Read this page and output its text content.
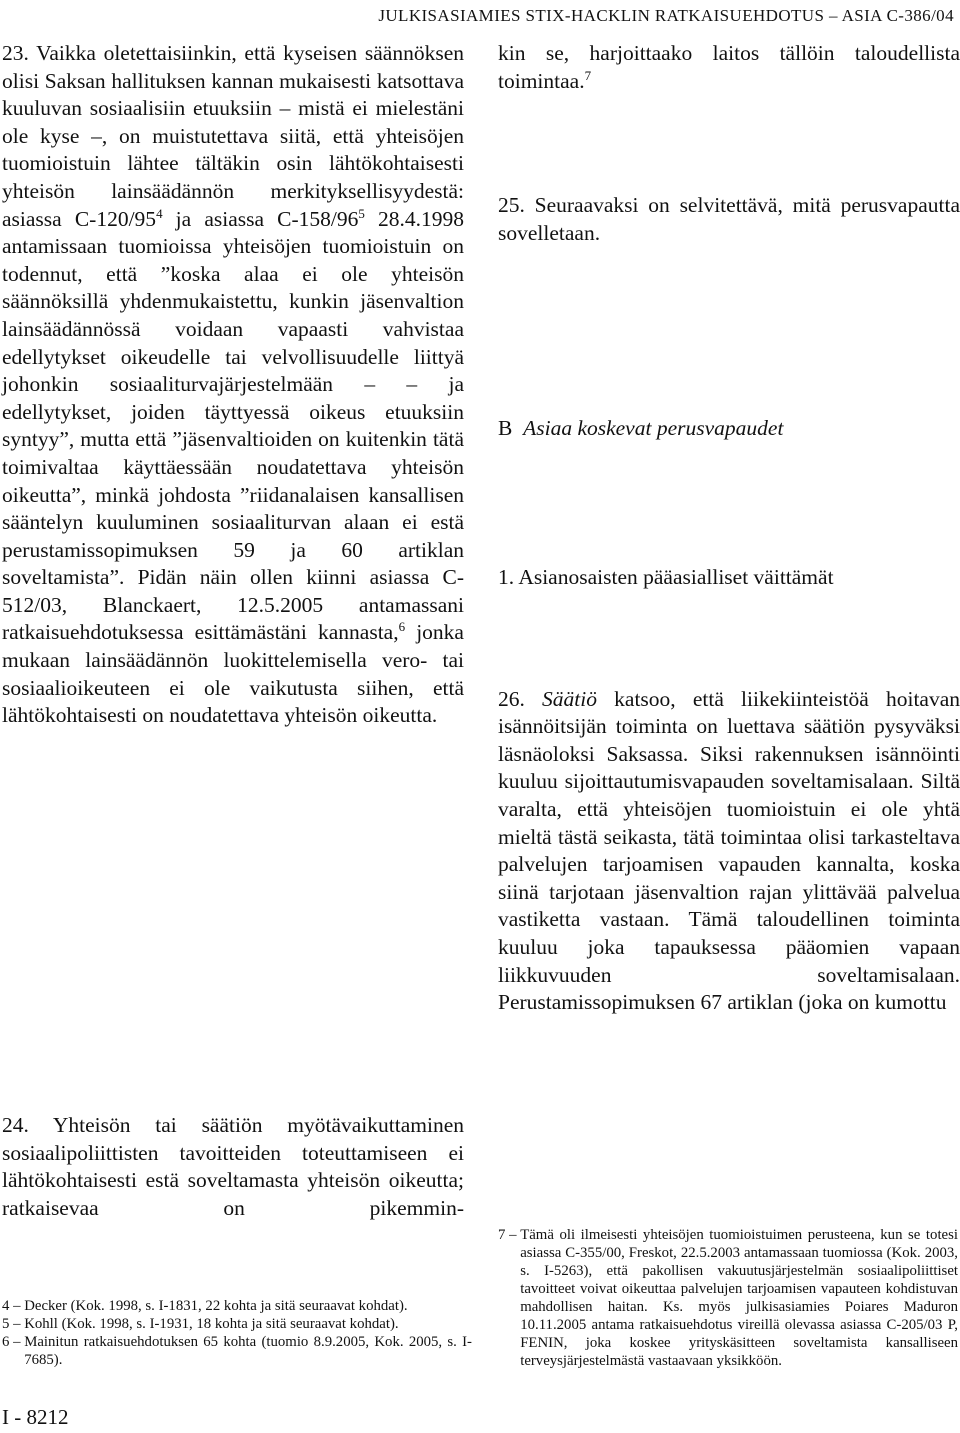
JULKISASIAMIES STIX-HACKLIN RATKAISUEHDOTUS – ASIA C-386/04

23. Vaikka oletettaisiinkin, että kyseisen säännöksen olisi Saksan hallituksen kannan mukaisesti katsottava kuuluvan sosiaalisiin etuuksiin – mistä ei mielestäni ole kyse –, on muistutettava siitä, että yhteisöjen tuomioistuin lähtee tältäkin osin lähtökohtaisesti yhteisön lainsäädännön merkityksellisyydestä: asiassa $C-120/95^4$ ja asiassa $C-158/96^5$ 28.4.1998 antamissaan tuomioissa yhteisöjen tuomioistuin on todennut, että ”koska alaa ei ole yhteisön säännöksillä yhdenmukaistettu, kunkin jäsenvaltion lainsäädännössä voidaan vapaasti vahvistaa edellytykset oikeudelle tai velvollisuudelle liittyä johonkin sosiaaliturvajärjestelmään – – ja edellytykset, joiden täyttyessä oikeus etuuksiin syntyy”, mutta että ”jäsenvaltioiden on kuitenkin tätä toimivaltaa käyttäessään noudatettava yhteisön oikeutta”, minkä johdosta ”riidanalaisen kansallisen sääntelyn kuuluminen sosiaaliturvan alaan ei estä perustamissopimuksen 59 ja 60 artiklan soveltamista”. Pidän näin ollen kiinni asiassa C-512/03, Blanckaert, 12.5.2005 antamassani ratkaisuehdotuksessa esittämästäni kannasta,$^6$ jonka mukaan lainsäädännön luokittelemisella vero- tai sosiaalioikeuteen ei ole vaikutusta siihen, että lähtökohtaisesti on noudatettava yhteisön oikeutta.

24. Yhteisön tai säätiön myötävaikuttaminen sosiaalipoliittisten tavoitteiden toteuttamiseen ei lähtökohtaisesti estä soveltamasta yhteisön oikeutta; ratkaisevaa on pikemmin-

kin se, harjoittaako laitos tällöin taloudellista toimintaa.$^7$

25. Seuraavaksi on selvitettävä, mitä perusvapautta sovelletaan.

B Asiaa koskevat perusvapaudet
1. Asianosaisten pääasialliset väittämät

26. Säätiö katsoo, että liikekiinteistöä hoitavan isännöitsijän toiminta on luettava säätiön pysyväksi läsnäoloksi Saksassa. Siksi rakennuksen isännöinti kuuluu sijoittautumisvapauden soveltamisalaan. Siltä varalta, että yhteisöjen tuomioistuin ei ole yhtä mieltä tästä seikasta, tätä toimintaa olisi tarkasteltava palvelujen tarjoamisen vapauden kannalta, koska siinä tarjotaan jäsenvaltion rajan ylittävää palvelua vastiketta vastaan. Tämä taloudellinen toiminta kuuluu joka tapauksessa pääomien vapaan liikkuvuuden soveltamisalaan. Perustamissopimuksen 67 artiklan (joka on kumottu

4 – Decker (Kok. 1998, s. I-1831, 22 kohta ja sitä seuraavat kohdat).
5 – Kohll (Kok. 1998, s. I-1931, 18 kohta ja sitä seuraavat kohdat).
6 – Mainitun ratkaisuehdotuksen 65 kohta (tuomio 8.9.2005, Kok. 2005, s. I-7685).
7 – Tämä oli ilmeisesti yhteisöjen tuomioistuimen perusteena, kun se totesi asiassa C-355/00, Freskot, 22.5.2003 antamassaan tuomiossa (Kok. 2003, s. I-5263), että pakollisen vakuutusjärjestelmän sosiaalipoliittiset tavoitteet voivat oikeuttaa palvelujen tarjoamisen vapauteen kohdistuvan mahdollisen haitan. Ks. myös julkisasiamies Poiares Maduron 10.11.2005 antama ratkaisuehdotus vireillä olevassa asiassa C-205/03 P, FENIN, joka koskee yrityskäsitteen soveltamista kansalliseen terveysjärjestelmästä vastaavaan yksikköön.
I - 8212
